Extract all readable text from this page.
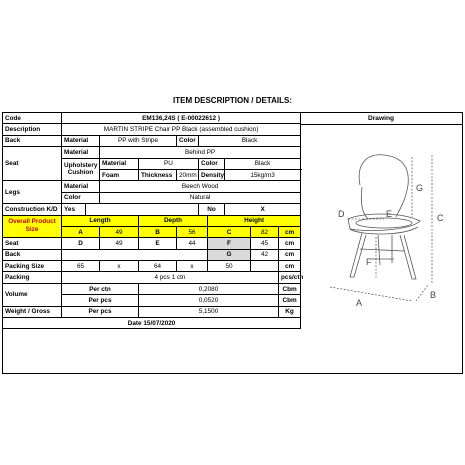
ITEM DESCRIPTION / DETAILS:
Code	EM136,24S ( E-00022612 )									
Description	MARTIN STRIPE Chair PP Black (assembled cushion)									
Back	Material		PP with Stripe		Color	Black				
Seat	Material		Behind PP							
	Upholstery Cushion		Material	PU		Color		Black		
			Foam	Thickness	20mm	Density		15kg/m3		
Legs	Material		Beech Wood							
	Color		Natural							
Construction K/D	Yes					No		X		
Overall Product Size	Length			Depth			Height			
	A		49	B	56		C		82	cm
Seat	D		49	E	44		F		45	cm
Back							G		42	cm
Packing Size	65		x	64	x		50			cm
Packing	4 pcs 1 ctn									pcs/ctn
Volume	Per ctn			0,2080						Cbm
	Per pcs			0,0520						Cbm
Weight / Gross	Per pcs			5,1500						Kg
Date 15/07/2020										
Drawing
G
C
D	E
F
A
B
